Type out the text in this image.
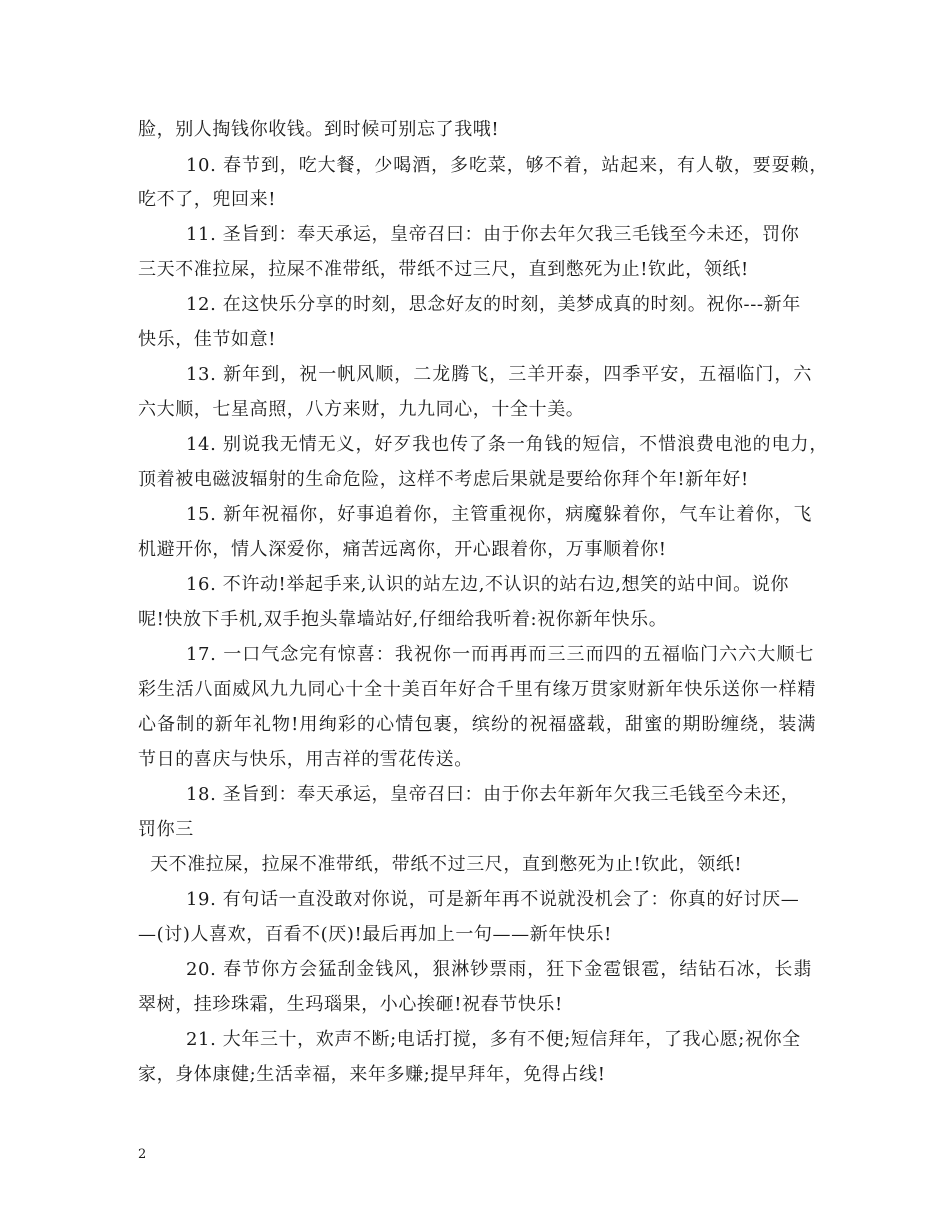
脸，别人掏钱你收钱。到时候可别忘了我哦!
10. 春节到，吃大餐，少喝酒，多吃菜，够不着，站起来，有人敬，要耍赖，
吃不了，兜回来!
11. 圣旨到：奉天承运，皇帝召曰：由于你去年欠我三毛钱至今未还，罚你
三天不准拉屎，拉屎不准带纸，带纸不过三尺，直到憋死为止!钦此，领纸!
12. 在这快乐分享的时刻，思念好友的时刻，美梦成真的时刻。祝你---新年
快乐，佳节如意!
13. 新年到，祝一帆风顺，二龙腾飞，三羊开泰，四季平安，五福临门，六
六大顺，七星高照，八方来财，九九同心，十全十美。
14. 别说我无情无义，好歹我也传了条一角钱的短信，不惜浪费电池的电力，
顶着被电磁波辐射的生命危险，这样不考虑后果就是要给你拜个年!新年好!
15. 新年祝福你，好事追着你，主管重视你，病魔躲着你，气车让着你，飞
机避开你，情人深爱你，痛苦远离你，开心跟着你，万事顺着你!
16. 不许动!举起手来,认识的站左边,不认识的站右边,想笑的站中间。说你
呢!快放下手机,双手抱头靠墙站好,仔细给我听着:祝你新年快乐。
17. 一口气念完有惊喜：我祝你一而再再而三三而四的五福临门六六大顺七
彩生活八面威风九九同心十全十美百年好合千里有缘万贯家财新年快乐送你一样精
心备制的新年礼物!用绚彩的心情包裹，缤纷的祝福盛载，甜蜜的期盼缠绕，装满
节日的喜庆与快乐，用吉祥的雪花传送。
18. 圣旨到：奉天承运，皇帝召曰：由于你去年新年欠我三毛钱至今未还，
罚你三
天不准拉屎，拉屎不准带纸，带纸不过三尺，直到憋死为止!钦此，领纸!
19. 有句话一直没敢对你说，可是新年再不说就没机会了：你真的好讨厌—
—(讨)人喜欢，百看不(厌)!最后再加上一句——新年快乐!
20. 春节你方会猛刮金钱风，狠淋钞票雨，狂下金雹银雹，结钻石冰，长翡
翠树，挂珍珠霜，生玛瑙果，小心挨砸!祝春节快乐!
21. 大年三十，欢声不断;电话打搅，多有不便;短信拜年，了我心愿;祝你全
家，身体康健;生活幸福，来年多赚;提早拜年，免得占线!
2
